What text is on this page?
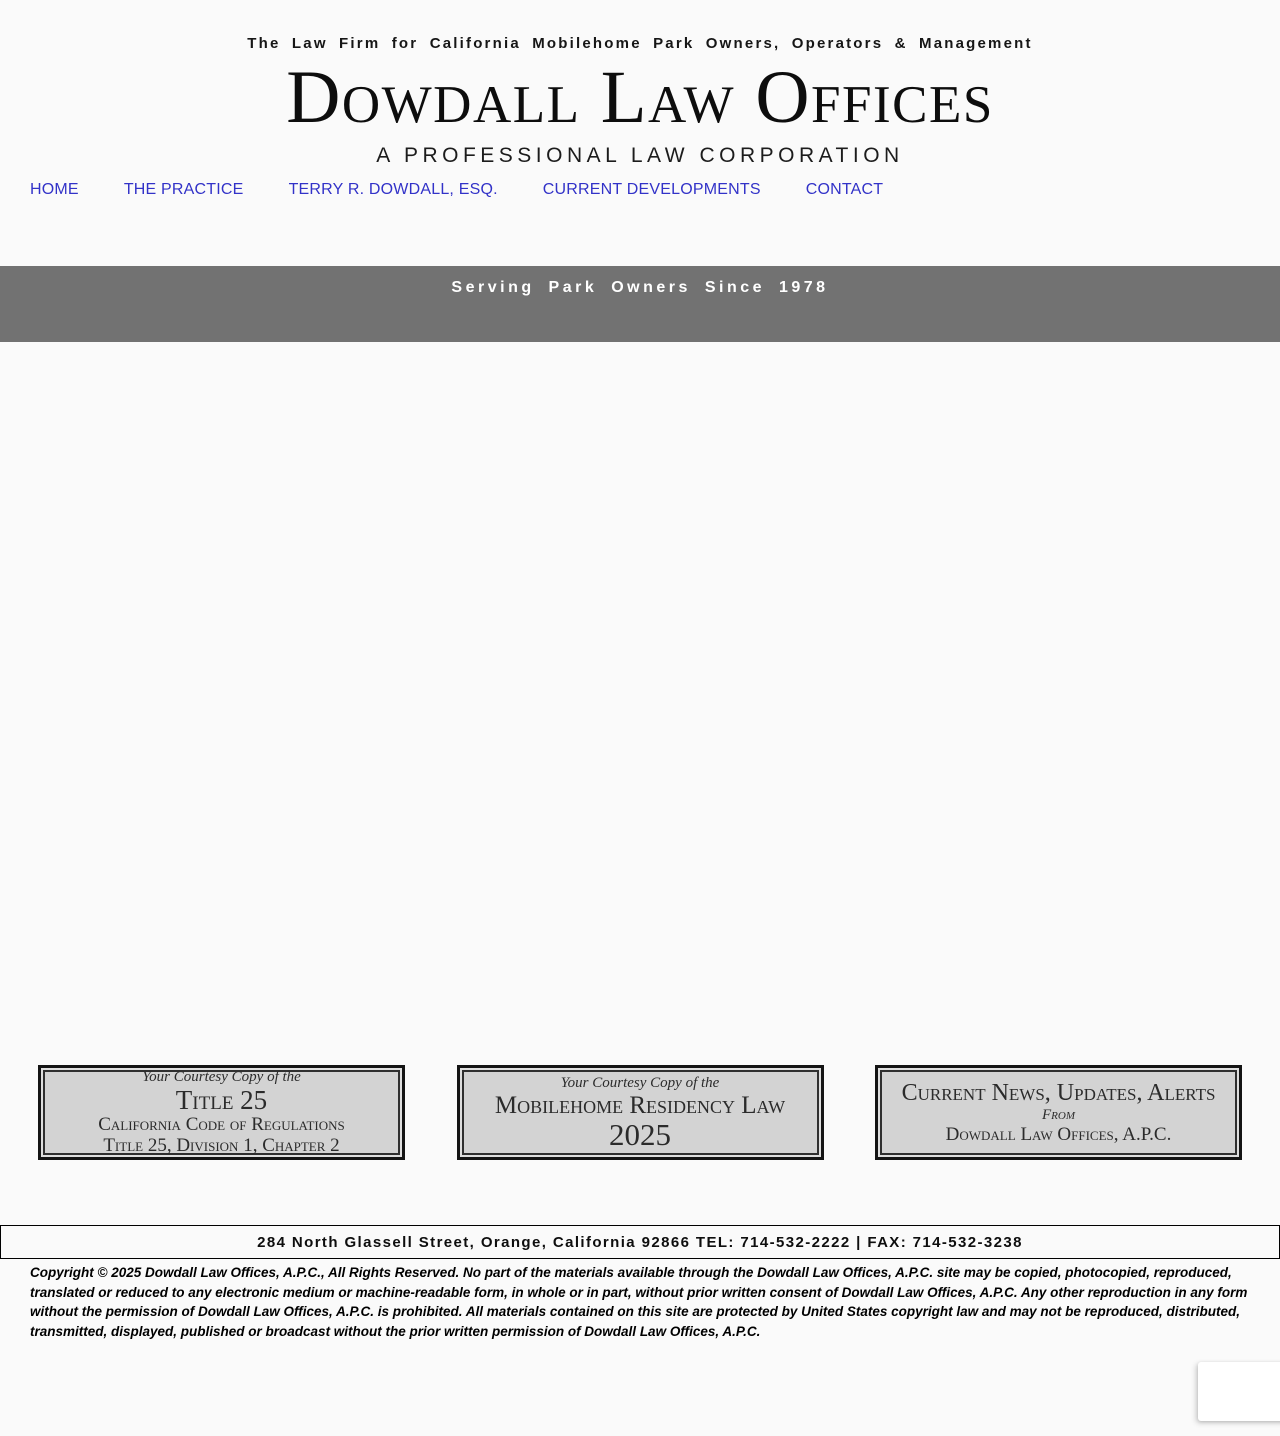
The Law Firm for California Mobilehome Park Owners, Operators & Management
Dowdall Law Offices
A PROFESSIONAL LAW CORPORATION
HOME	THE PRACTICE	TERRY R. DOWDALL, ESQ.	CURRENT DEVELOPMENTS	CONTACT
Serving Park Owners Since 1978
Your Courtesy Copy of the
Title 25
California Code of Regulations
Title 25, Division 1, Chapter 2
Your Courtesy Copy of the
Mobilehome Residency Law
2025
Current News, Updates, Alerts
From
Dowdall Law Offices, A.P.C.
284 North Glassell Street, Orange, California 92866 TEL: 714-532-2222 | FAX: 714-532-3238

Copyright © 2025 Dowdall Law Offices, A.P.C., All Rights Reserved. No part of the materials available through the Dowdall Law Offices, A.P.C. site may be copied, photocopied, reproduced, translated or reduced to any electronic medium or machine-readable form, in whole or in part, without prior written consent of Dowdall Law Offices, A.P.C. Any other reproduction in any form without the permission of Dowdall Law Offices, A.P.C. is prohibited. All materials contained on this site are protected by United States copyright law and may not be reproduced, distributed, transmitted, displayed, published or broadcast without the prior written permission of Dowdall Law Offices, A.P.C.
